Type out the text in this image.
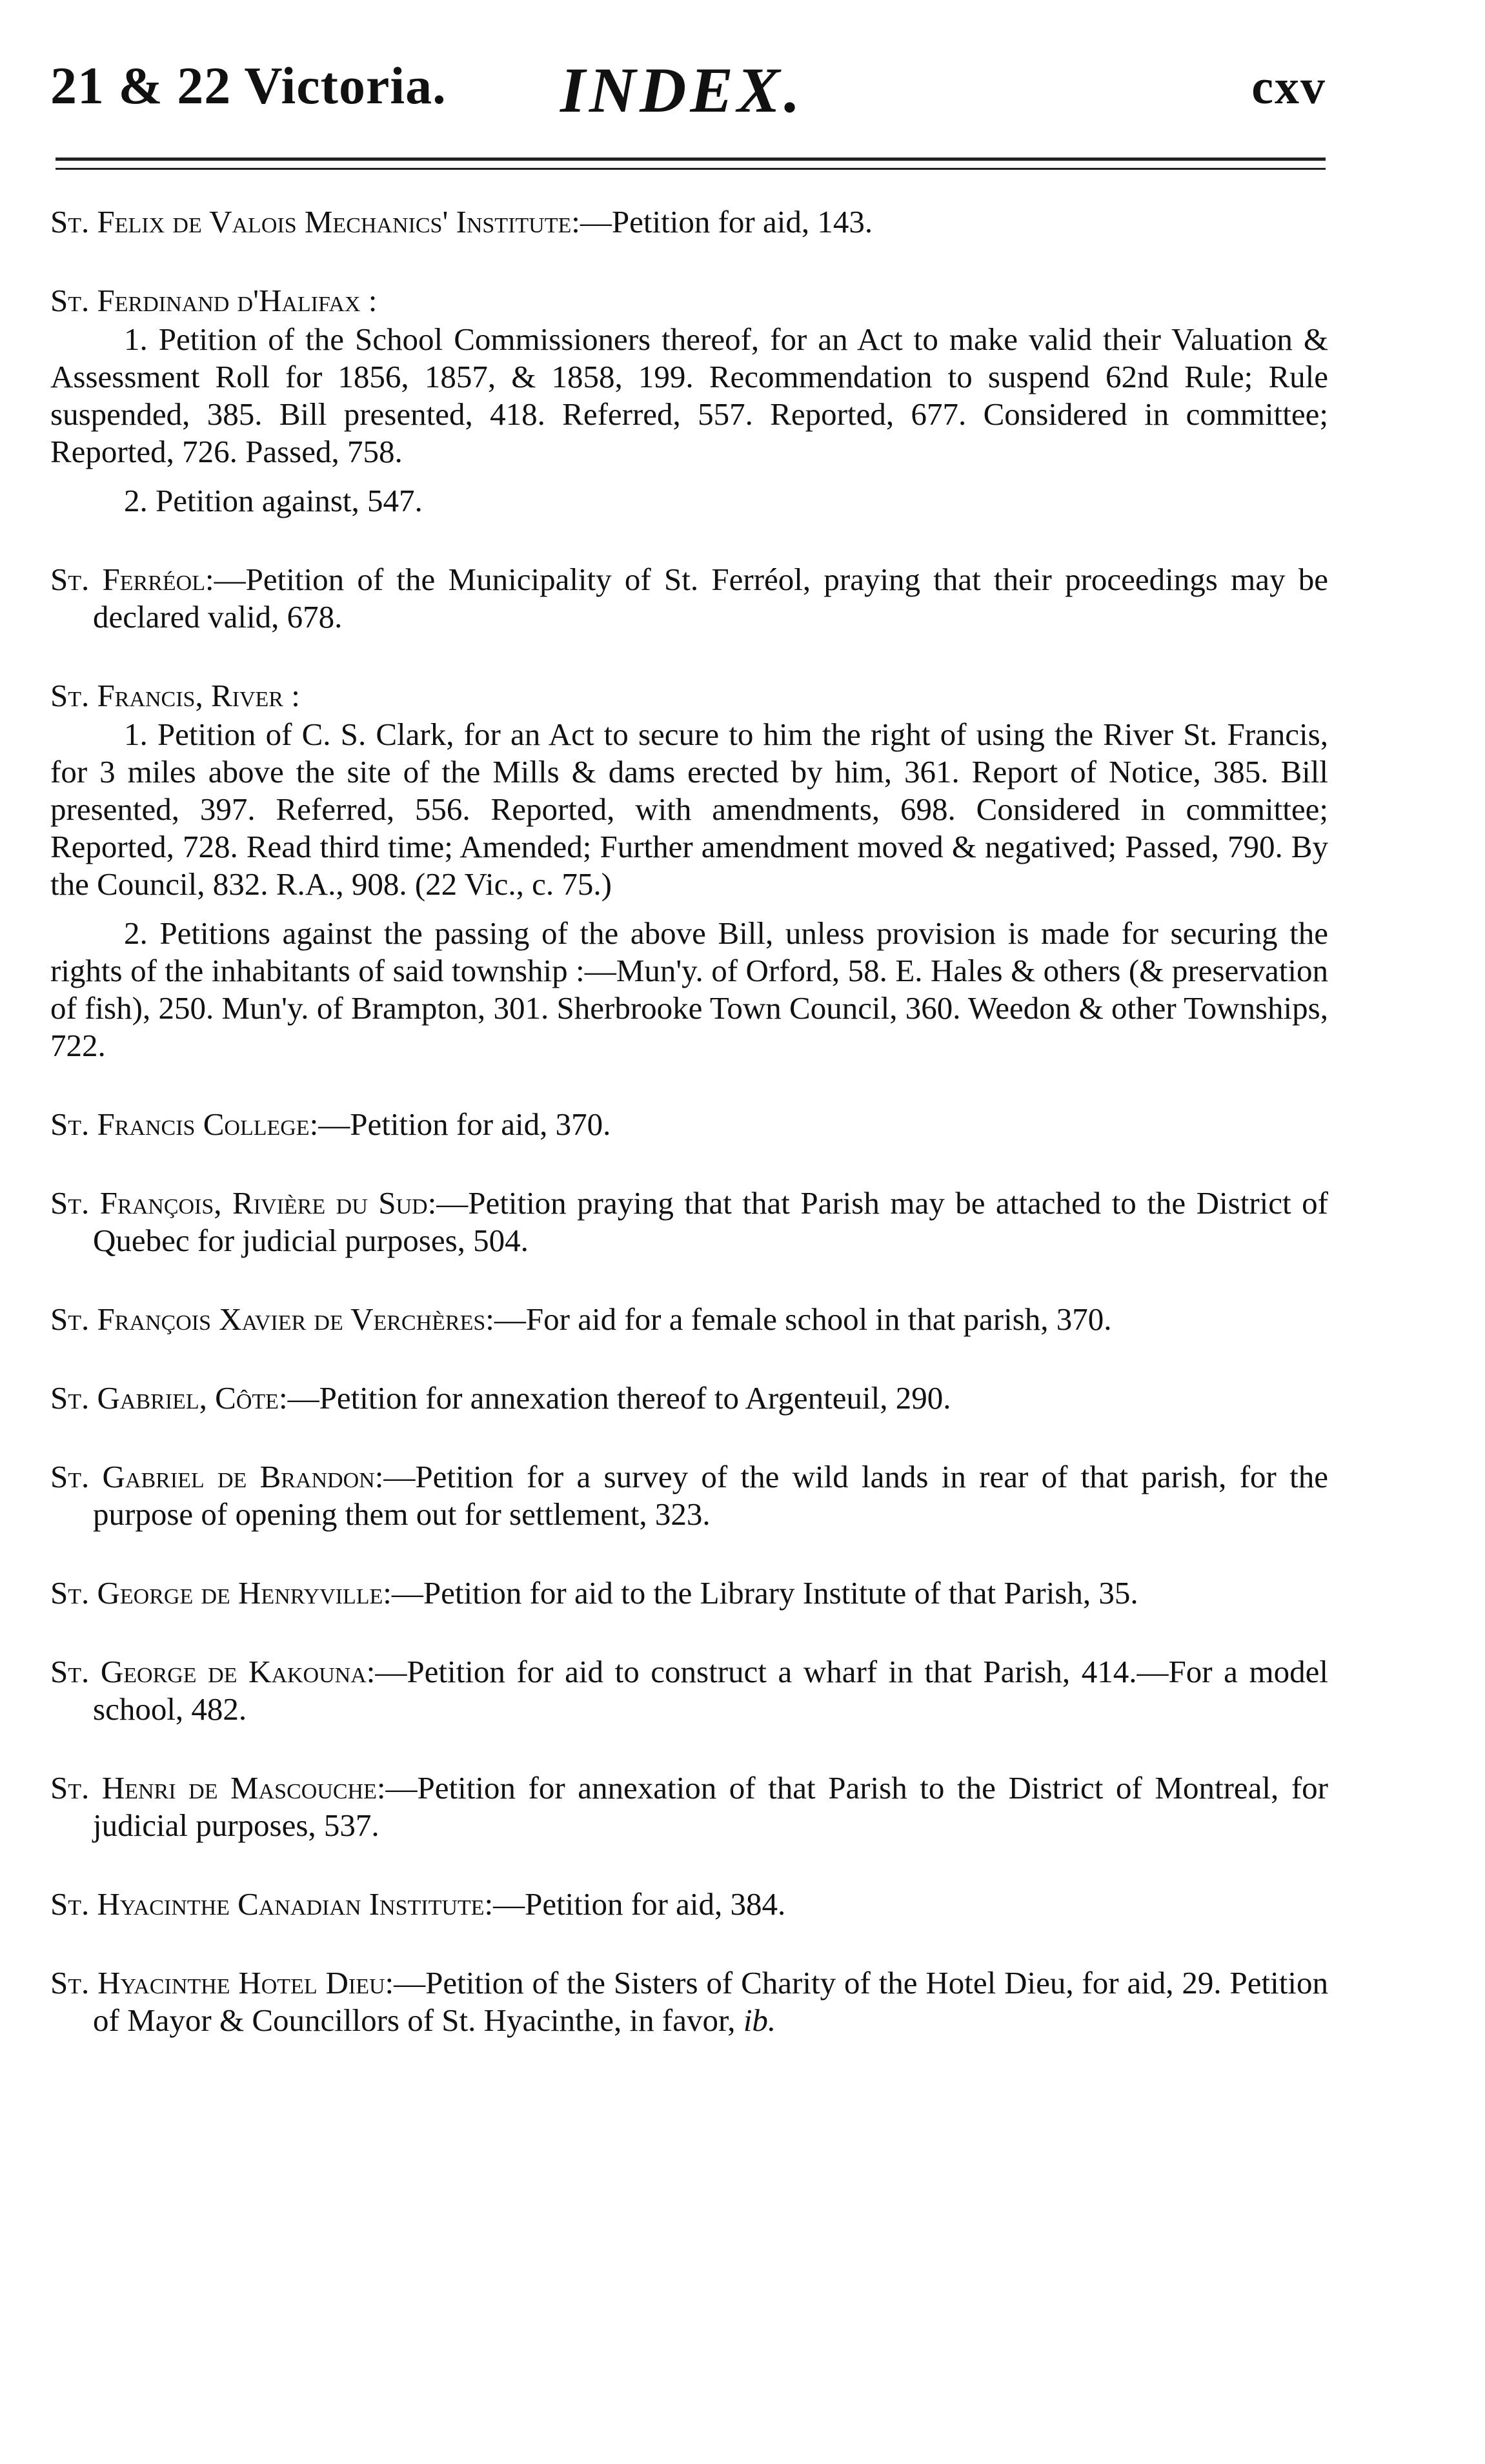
21 & 22 Victoria. INDEX.	cxv

St. Felix de Valois Mechanics' Institute:—Petition for aid, 143.

St. Ferdinand d'Halifax :

1. Petition of the School Commissioners thereof, for an Act to make valid their Valuation & Assessment Roll for 1856, 1857, & 1858, 199. Recommendation to suspend 62nd Rule; Rule suspended, 385. Bill presented, 418. Referred, 557. Reported, 677. Considered in committee; Reported, 726. Passed, 758.

2. Petition against, 547.

St. Ferréol:—Petition of the Municipality of St. Ferréol, praying that their proceedings may be declared valid, 678.

St. Francis, River :

1. Petition of C. S. Clark, for an Act to secure to him the right of using the River St. Francis, for 3 miles above the site of the Mills & dams erected by him, 361. Report of Notice, 385. Bill presented, 397. Referred, 556. Reported, with amendments, 698. Considered in committee; Reported, 728. Read third time; Amended; Further amendment moved & negatived; Passed, 790. By the Council, 832. R.A., 908. (22 Vic., c. 75.)

2. Petitions against the passing of the above Bill, unless provision is made for securing the rights of the inhabitants of said township :—Mun'y. of Orford, 58. E. Hales & others (& preservation of fish), 250. Mun'y. of Brampton, 301. Sherbrooke Town Council, 360. Weedon & other Townships, 722.

St. Francis College:—Petition for aid, 370.

St. François, Rivière du Sud:—Petition praying that that Parish may be attached to the District of Quebec for judicial purposes, 504.

St. François Xavier de Verchères:—For aid for a female school in that parish, 370.

St. Gabriel, Côte:—Petition for annexation thereof to Argenteuil, 290.

St. Gabriel de Brandon:—Petition for a survey of the wild lands in rear of that parish, for the purpose of opening them out for settlement, 323.

St. George de Henryville:—Petition for aid to the Library Institute of that Parish, 35.

St. George de Kakouna:—Petition for aid to construct a wharf in that Parish, 414.—For a model school, 482.

St. Henri de Mascouche:—Petition for annexation of that Parish to the District of Montreal, for judicial purposes, 537.

St. Hyacinthe Canadian Institute:—Petition for aid, 384.

St. Hyacinthe Hotel Dieu:—Petition of the Sisters of Charity of the Hotel Dieu, for aid, 29. Petition of Mayor & Councillors of St. Hyacinthe, in favor, ib.
